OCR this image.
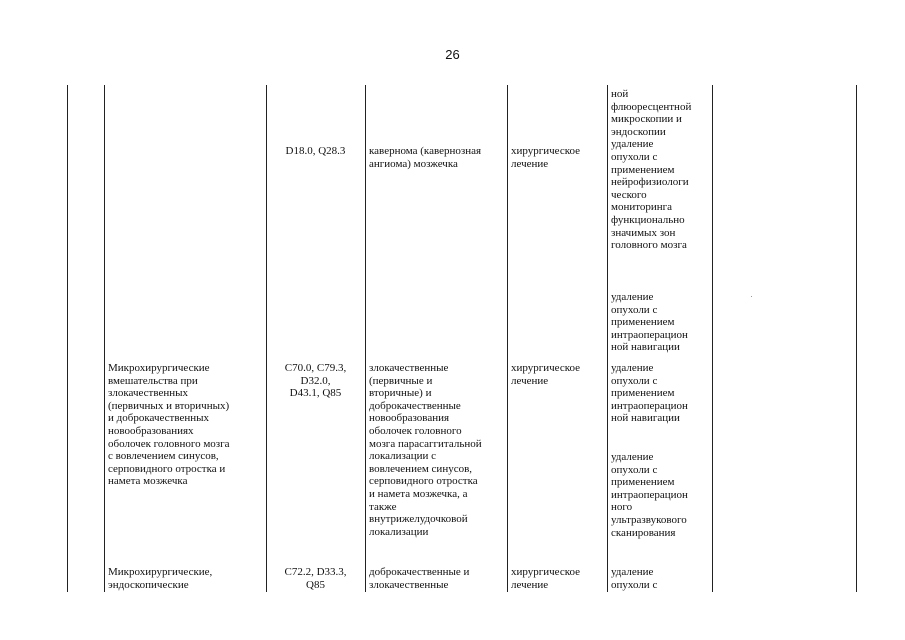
26
D18.0, Q28.3	кавернома (кавернозная
ангиома) мозжечка
хирургическое
лечение
ной
флюоресцентной
микроскопии и
эндоскопии
удаление
опухоли с
применением
нейрофизиологи
ческого
мониторинга
функционально
значимых зон
головного мозга
удаление
опухоли с
применением
интраоперацион
ной навигации
Микрохирургические
вмешательства при
злокачественных
(первичных и вторичных)
и доброкачественных
новообразованиях
оболочек головного мозга
с вовлечением синусов,
серповидного отростка и
намета мозжечка
C70.0, C79.3,
D32.0,
D43.1, Q85
злокачественные
(первичные и
вторичные) и
доброкачественные
новообразования
оболочек головного
мозга парасаггитальной
локализации с
вовлечением синусов,
серповидного отростка
и намета мозжечка, а
также
внутрижелудочковой
локализации
хирургическое
лечение
удаление
опухоли с
применением
интраоперацион
ной навигации
удаление
опухоли с
применением
интраоперацион
ного
ультразвукового
сканирования
Микрохирургические,
эндоскопические
C72.2, D33.3,
Q85
доброкачественные и
злокачественные
хирургическое
лечение
удаление
опухоли с
